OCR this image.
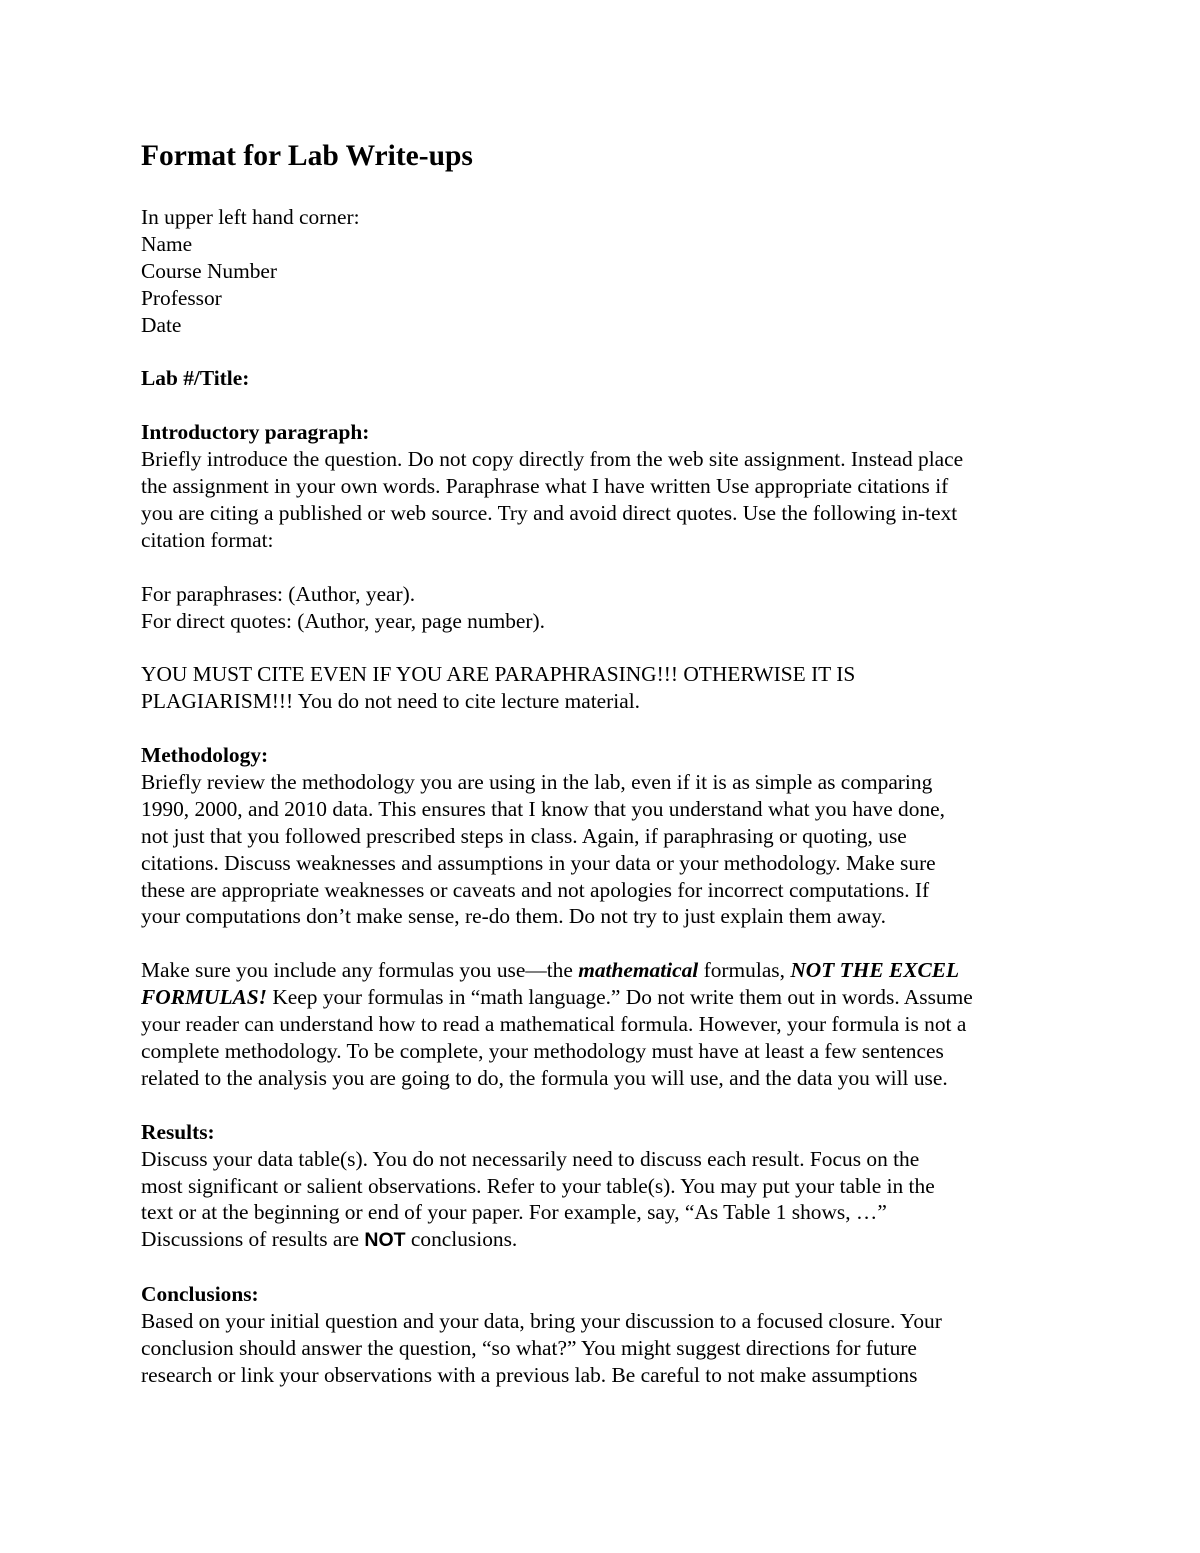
Format for Lab Write-ups
In upper left hand corner:
Name
Course Number
Professor
Date
Lab #/Title:
Introductory paragraph:
Briefly introduce the question. Do not copy directly from the web site assignment. Instead place
the assignment in your own words. Paraphrase what I have written Use appropriate citations if
you are citing a published or web source. Try and avoid direct quotes. Use the following in-text
citation format:
For paraphrases: (Author, year).
For direct quotes: (Author, year, page number).
YOU MUST CITE EVEN IF YOU ARE PARAPHRASING!!! OTHERWISE IT IS
PLAGIARISM!!! You do not need to cite lecture material.
Methodology:
Briefly review the methodology you are using in the lab, even if it is as simple as comparing
1990, 2000, and 2010 data. This ensures that I know that you understand what you have done,
not just that you followed prescribed steps in class. Again, if paraphrasing or quoting, use
citations. Discuss weaknesses and assumptions in your data or your methodology. Make sure
these are appropriate weaknesses or caveats and not apologies for incorrect computations. If
your computations don’t make sense, re-do them. Do not try to just explain them away.
Make sure you include any formulas you use—the mathematical formulas, NOT THE EXCEL
FORMULAS! Keep your formulas in “math language.” Do not write them out in words. Assume
your reader can understand how to read a mathematical formula. However, your formula is not a
complete methodology. To be complete, your methodology must have at least a few sentences
related to the analysis you are going to do, the formula you will use, and the data you will use.
Results:
Discuss your data table(s). You do not necessarily need to discuss each result. Focus on the
most significant or salient observations. Refer to your table(s). You may put your table in the
text or at the beginning or end of your paper. For example, say, “As Table 1 shows, …”
Discussions of results are NOT conclusions.
Conclusions:
Based on your initial question and your data, bring your discussion to a focused closure. Your
conclusion should answer the question, “so what?” You might suggest directions for future
research or link your observations with a previous lab. Be careful to not make assumptions
